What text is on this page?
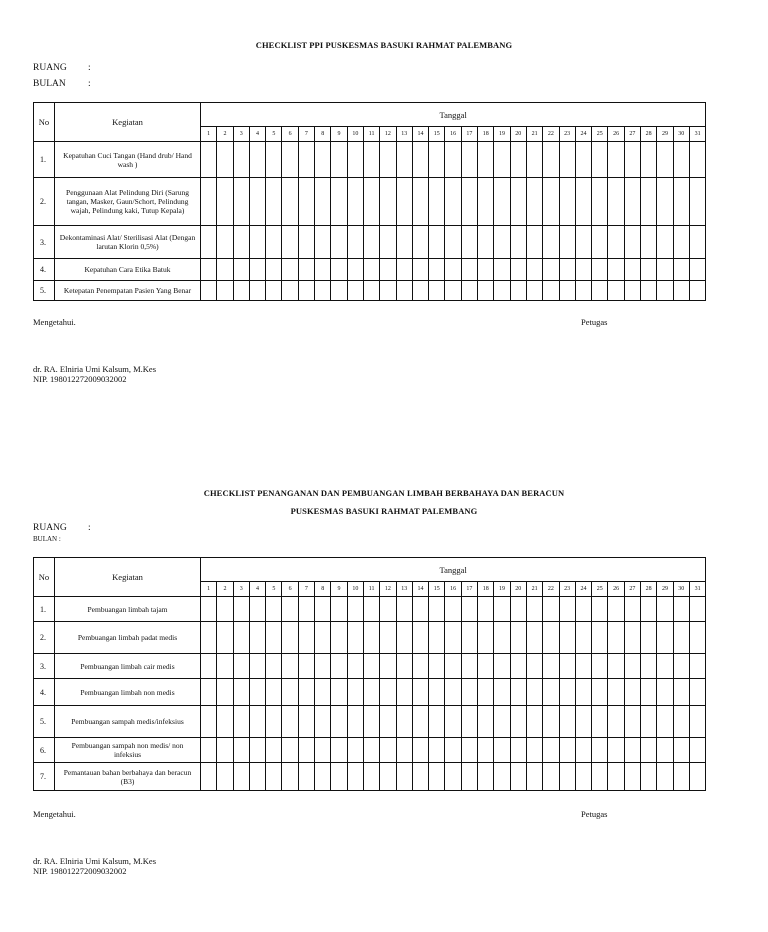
CHECKLIST PPI PUSKESMAS BASUKI RAHMAT PALEMBANG
RUANG :
BULAN :
No	Kegiatan	Tanggal																														
		1	2	3	4	5	6	7	8	9	10	11	12	13	14	15	16	17	18	19	20	21	22	23	24	25	26	27	28	29	30	31
1.	Kepatuhan Cuci Tangan (Hand drub/ Hand wash )																															
2.	Penggunaan Alat Pelindung Diri (Sarung tangan, Masker, Gaun/Schort, Pelindung wajah, Pelindung kaki, Tutup Kepala)																															
3.	Dekontaminasi Alat/ Sterilisasi Alat (Dengan larutan Klorin 0,5%)																															
4.	Kepatuhan Cara Etika Batuk																															
5.	Ketepatan Penempatan Pasien Yang Benar																															
Mengetahui.	Petugas
dr. RA. Elniria Umi Kalsum, M.Kes
NIP. 198012272009032002
CHECKLIST PENANGANAN DAN PEMBUANGAN LIMBAH BERBAHAYA DAN BERACUN
PUSKESMAS BASUKI RAHMAT PALEMBANG
RUANG :
BULAN :
No	Kegiatan	Tanggal																														
		1	2	3	4	5	6	7	8	9	10	11	12	13	14	15	16	17	18	19	20	21	22	23	24	25	26	27	28	29	30	31
1.	Pembuangan limbah tajam																															
2.	Pembuangan limbah padat medis																															
3.	Pembuangan limbah cair medis																															
4.	Pembuangan limbah non medis																															
5.	Pembuangan sampah medis/infeksius																															
6.	Pembuangan sampah non medis/ non infeksius																															
7.	Pemantauan bahan berbahaya dan beracun (B3)																															
Mengetahui.	Petugas
dr. RA. Elniria Umi Kalsum, M.Kes
NIP. 198012272009032002
